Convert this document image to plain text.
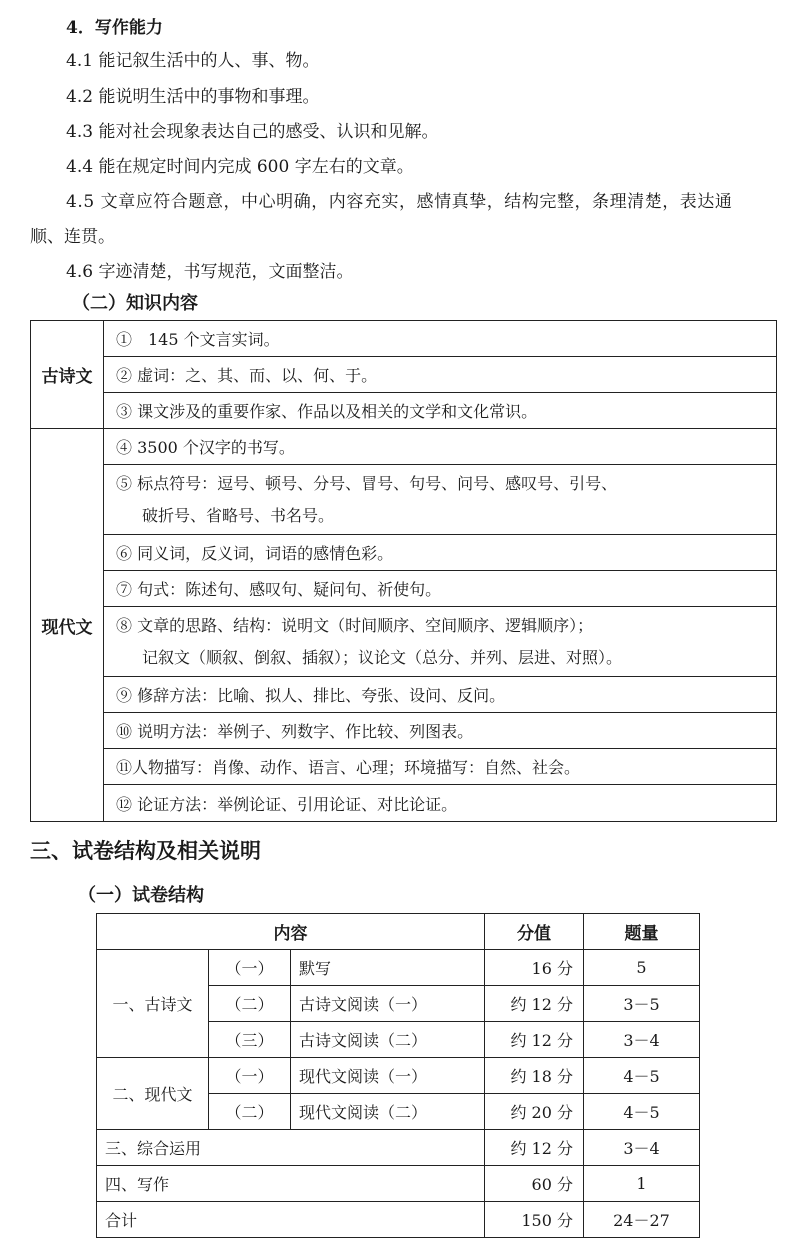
4．写作能力
4.1 能记叙生活中的人、事、物。
4.2 能说明生活中的事物和事理。
4.3 能对社会现象表达自己的感受、认识和见解。
4.4 能在规定时间内完成 600 字左右的文章。
4.5 文章应符合题意，中心明确，内容充实，感情真挚，结构完整，条理清楚，表达通
顺、连贯。
4.6 字迹清楚，书写规范，文面整洁。
（二）知识内容
古诗文	①　145 个文言实词。
	② 虚词：之、其、而、以、何、于。
	③ 课文涉及的重要作家、作品以及相关的文学和文化常识。
现代文	④ 3500 个汉字的书写。

	⑤ 标点符号：逗号、顿号、分号、冒号、句号、问号、感叹号、引号、
破折号、省略号、书名号。

	⑥ 同义词，反义词，词语的感情色彩。
	⑦ 句式：陈述句、感叹句、疑问句、祈使句。

	⑧ 文章的思路、结构：说明文（时间顺序、空间顺序、逻辑顺序）；
记叙文（顺叙、倒叙、插叙）；议论文（总分、并列、层进、对照）。

	⑨ 修辞方法：比喻、拟人、排比、夸张、设问、反问。
	⑩ 说明方法：举例子、列数字、作比较、列图表。
	⑪人物描写：肖像、动作、语言、心理；环境描写：自然、社会。
	⑫ 论证方法：举例论证、引用论证、对比论证。
三、试卷结构及相关说明
（一）试卷结构
内容			分值	题量
一、古诗文	（一）	默写	16 分	5
	（二）	古诗文阅读（一）	约 12 分	3－5
	（三）	古诗文阅读（二）	约 12 分	3－4
二、现代文	（一）	现代文阅读（一）	约 18 分	4－5
	（二）	现代文阅读（二）	约 20 分	4－5
三、综合运用			约 12 分	3－4
四、写作			60 分	1
合计			150 分	24－27
